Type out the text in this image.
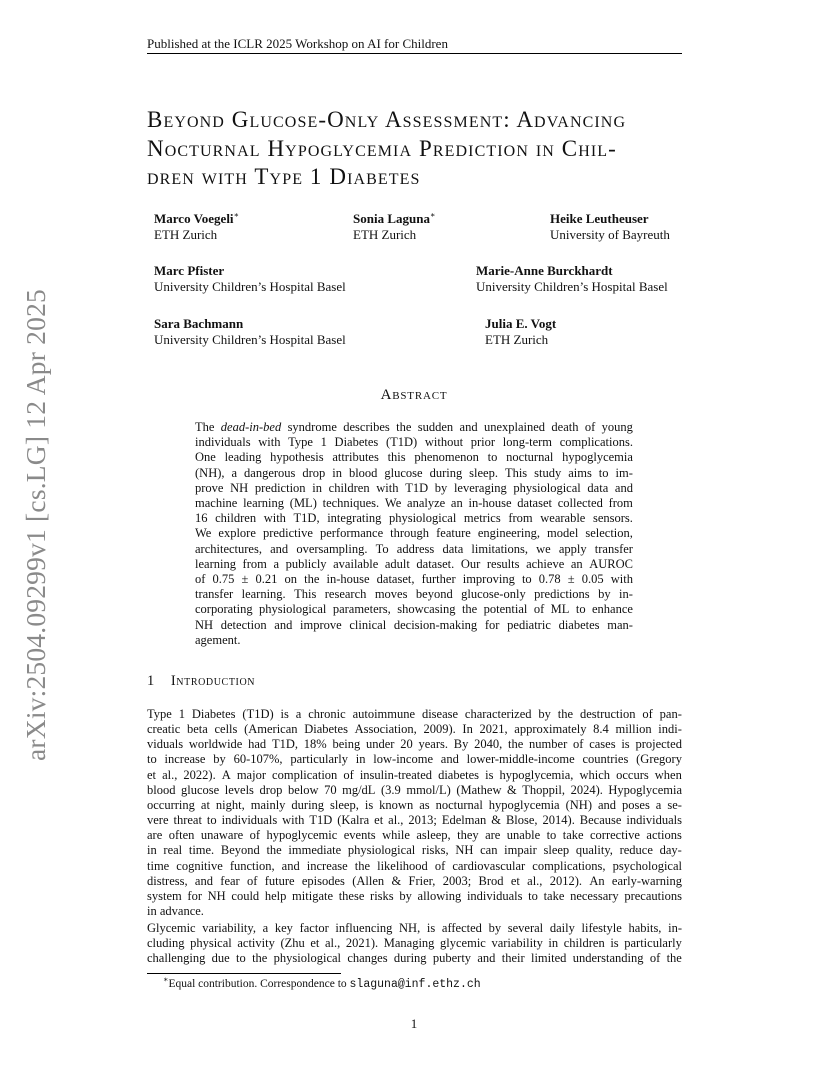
Published at the ICLR 2025 Workshop on AI for Children
arXiv:2504.09299v1 [cs.LG] 12 Apr 2025
Beyond Glucose-Only Assessment: Advancing
Nocturnal Hypoglycemia Prediction in Chil-
dren with Type 1 Diabetes
Marco Voegeli∗
ETH Zurich
Sonia Laguna∗
ETH Zurich
Heike Leutheuser
University of Bayreuth
Marc Pfister
University Children’s Hospital Basel
Marie-Anne Burckhardt
University Children’s Hospital Basel
Sara Bachmann
University Children’s Hospital Basel
Julia E. Vogt
ETH Zurich
Abstract
The dead-in-bed syndrome describes the sudden and unexplained death of young
individuals with Type 1 Diabetes (T1D) without prior long-term complications.
One leading hypothesis attributes this phenomenon to nocturnal hypoglycemia
(NH), a dangerous drop in blood glucose during sleep. This study aims to im-
prove NH prediction in children with T1D by leveraging physiological data and
machine learning (ML) techniques. We analyze an in-house dataset collected from
16 children with T1D, integrating physiological metrics from wearable sensors.
We explore predictive performance through feature engineering, model selection,
architectures, and oversampling. To address data limitations, we apply transfer
learning from a publicly available adult dataset. Our results achieve an AUROC
of 0.75 ± 0.21 on the in-house dataset, further improving to 0.78 ± 0.05 with
transfer learning. This research moves beyond glucose-only predictions by in-
corporating physiological parameters, showcasing the potential of ML to enhance
NH detection and improve clinical decision-making for pediatric diabetes man-
agement.
1 Introduction
Type 1 Diabetes (T1D) is a chronic autoimmune disease characterized by the destruction of pan-
creatic beta cells (American Diabetes Association, 2009). In 2021, approximately 8.4 million indi-
viduals worldwide had T1D, 18% being under 20 years. By 2040, the number of cases is projected
to increase by 60-107%, particularly in low-income and lower-middle-income countries (Gregory
et al., 2022). A major complication of insulin-treated diabetes is hypoglycemia, which occurs when
blood glucose levels drop below 70 mg/dL (3.9 mmol/L) (Mathew & Thoppil, 2024). Hypoglycemia
occurring at night, mainly during sleep, is known as nocturnal hypoglycemia (NH) and poses a se-
vere threat to individuals with T1D (Kalra et al., 2013; Edelman & Blose, 2014). Because individuals
are often unaware of hypoglycemic events while asleep, they are unable to take corrective actions
in real time. Beyond the immediate physiological risks, NH can impair sleep quality, reduce day-
time cognitive function, and increase the likelihood of cardiovascular complications, psychological
distress, and fear of future episodes (Allen & Frier, 2003; Brod et al., 2012). An early-warning
system for NH could help mitigate these risks by allowing individuals to take necessary precautions
in advance.
Glycemic variability, a key factor influencing NH, is affected by several daily lifestyle habits, in-
cluding physical activity (Zhu et al., 2021). Managing glycemic variability in children is particularly
challenging due to the physiological changes during puberty and their limited understanding of the
∗Equal contribution. Correspondence to slaguna@inf.ethz.ch
1
